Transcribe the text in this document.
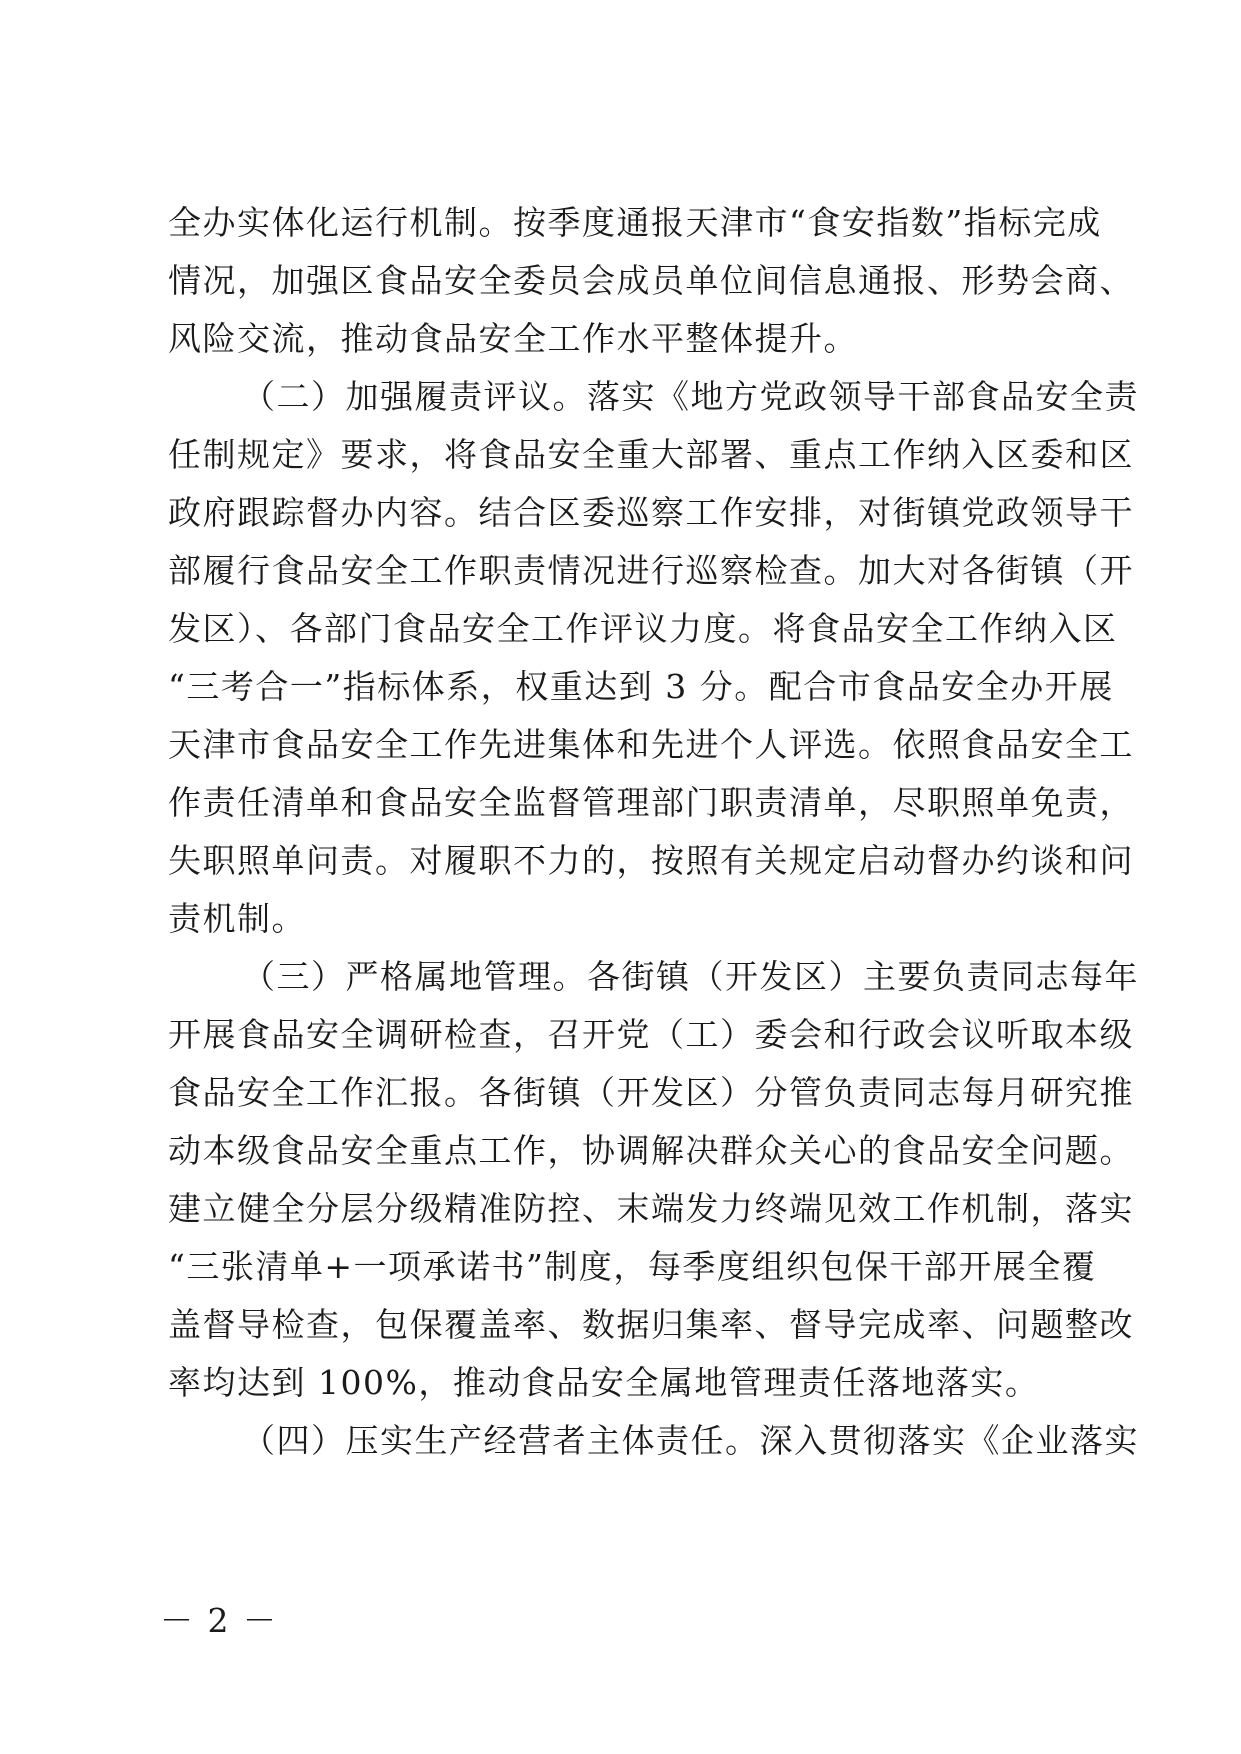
全办实体化运行机制。按季度通报天津市“食安指数”指标完成
情况，加强区食品安全委员会成员单位间信息通报、形势会商、
风险交流，推动食品安全工作水平整体提升。
（二）加强履责评议。落实《地方党政领导干部食品安全责
任制规定》要求，将食品安全重大部署、重点工作纳入区委和区
政府跟踪督办内容。结合区委巡察工作安排，对街镇党政领导干
部履行食品安全工作职责情况进行巡察检查。加大对各街镇（开
发区）、各部门食品安全工作评议力度。将食品安全工作纳入区
“三考合一”指标体系，权重达到 3 分。配合市食品安全办开展
天津市食品安全工作先进集体和先进个人评选。依照食品安全工
作责任清单和食品安全监督管理部门职责清单，尽职照单免责，
失职照单问责。对履职不力的，按照有关规定启动督办约谈和问
责机制。
（三）严格属地管理。各街镇（开发区）主要负责同志每年
开展食品安全调研检查，召开党（工）委会和行政会议听取本级
食品安全工作汇报。各街镇（开发区）分管负责同志每月研究推
动本级食品安全重点工作，协调解决群众关心的食品安全问题。
建立健全分层分级精准防控、末端发力终端见效工作机制，落实
“三张清单+一项承诺书”制度，每季度组织包保干部开展全覆
盖督导检查，包保覆盖率、数据归集率、督导完成率、问题整改
率均达到 100%，推动食品安全属地管理责任落地落实。
（四）压实生产经营者主体责任。深入贯彻落实《企业落实
－ 2 －
